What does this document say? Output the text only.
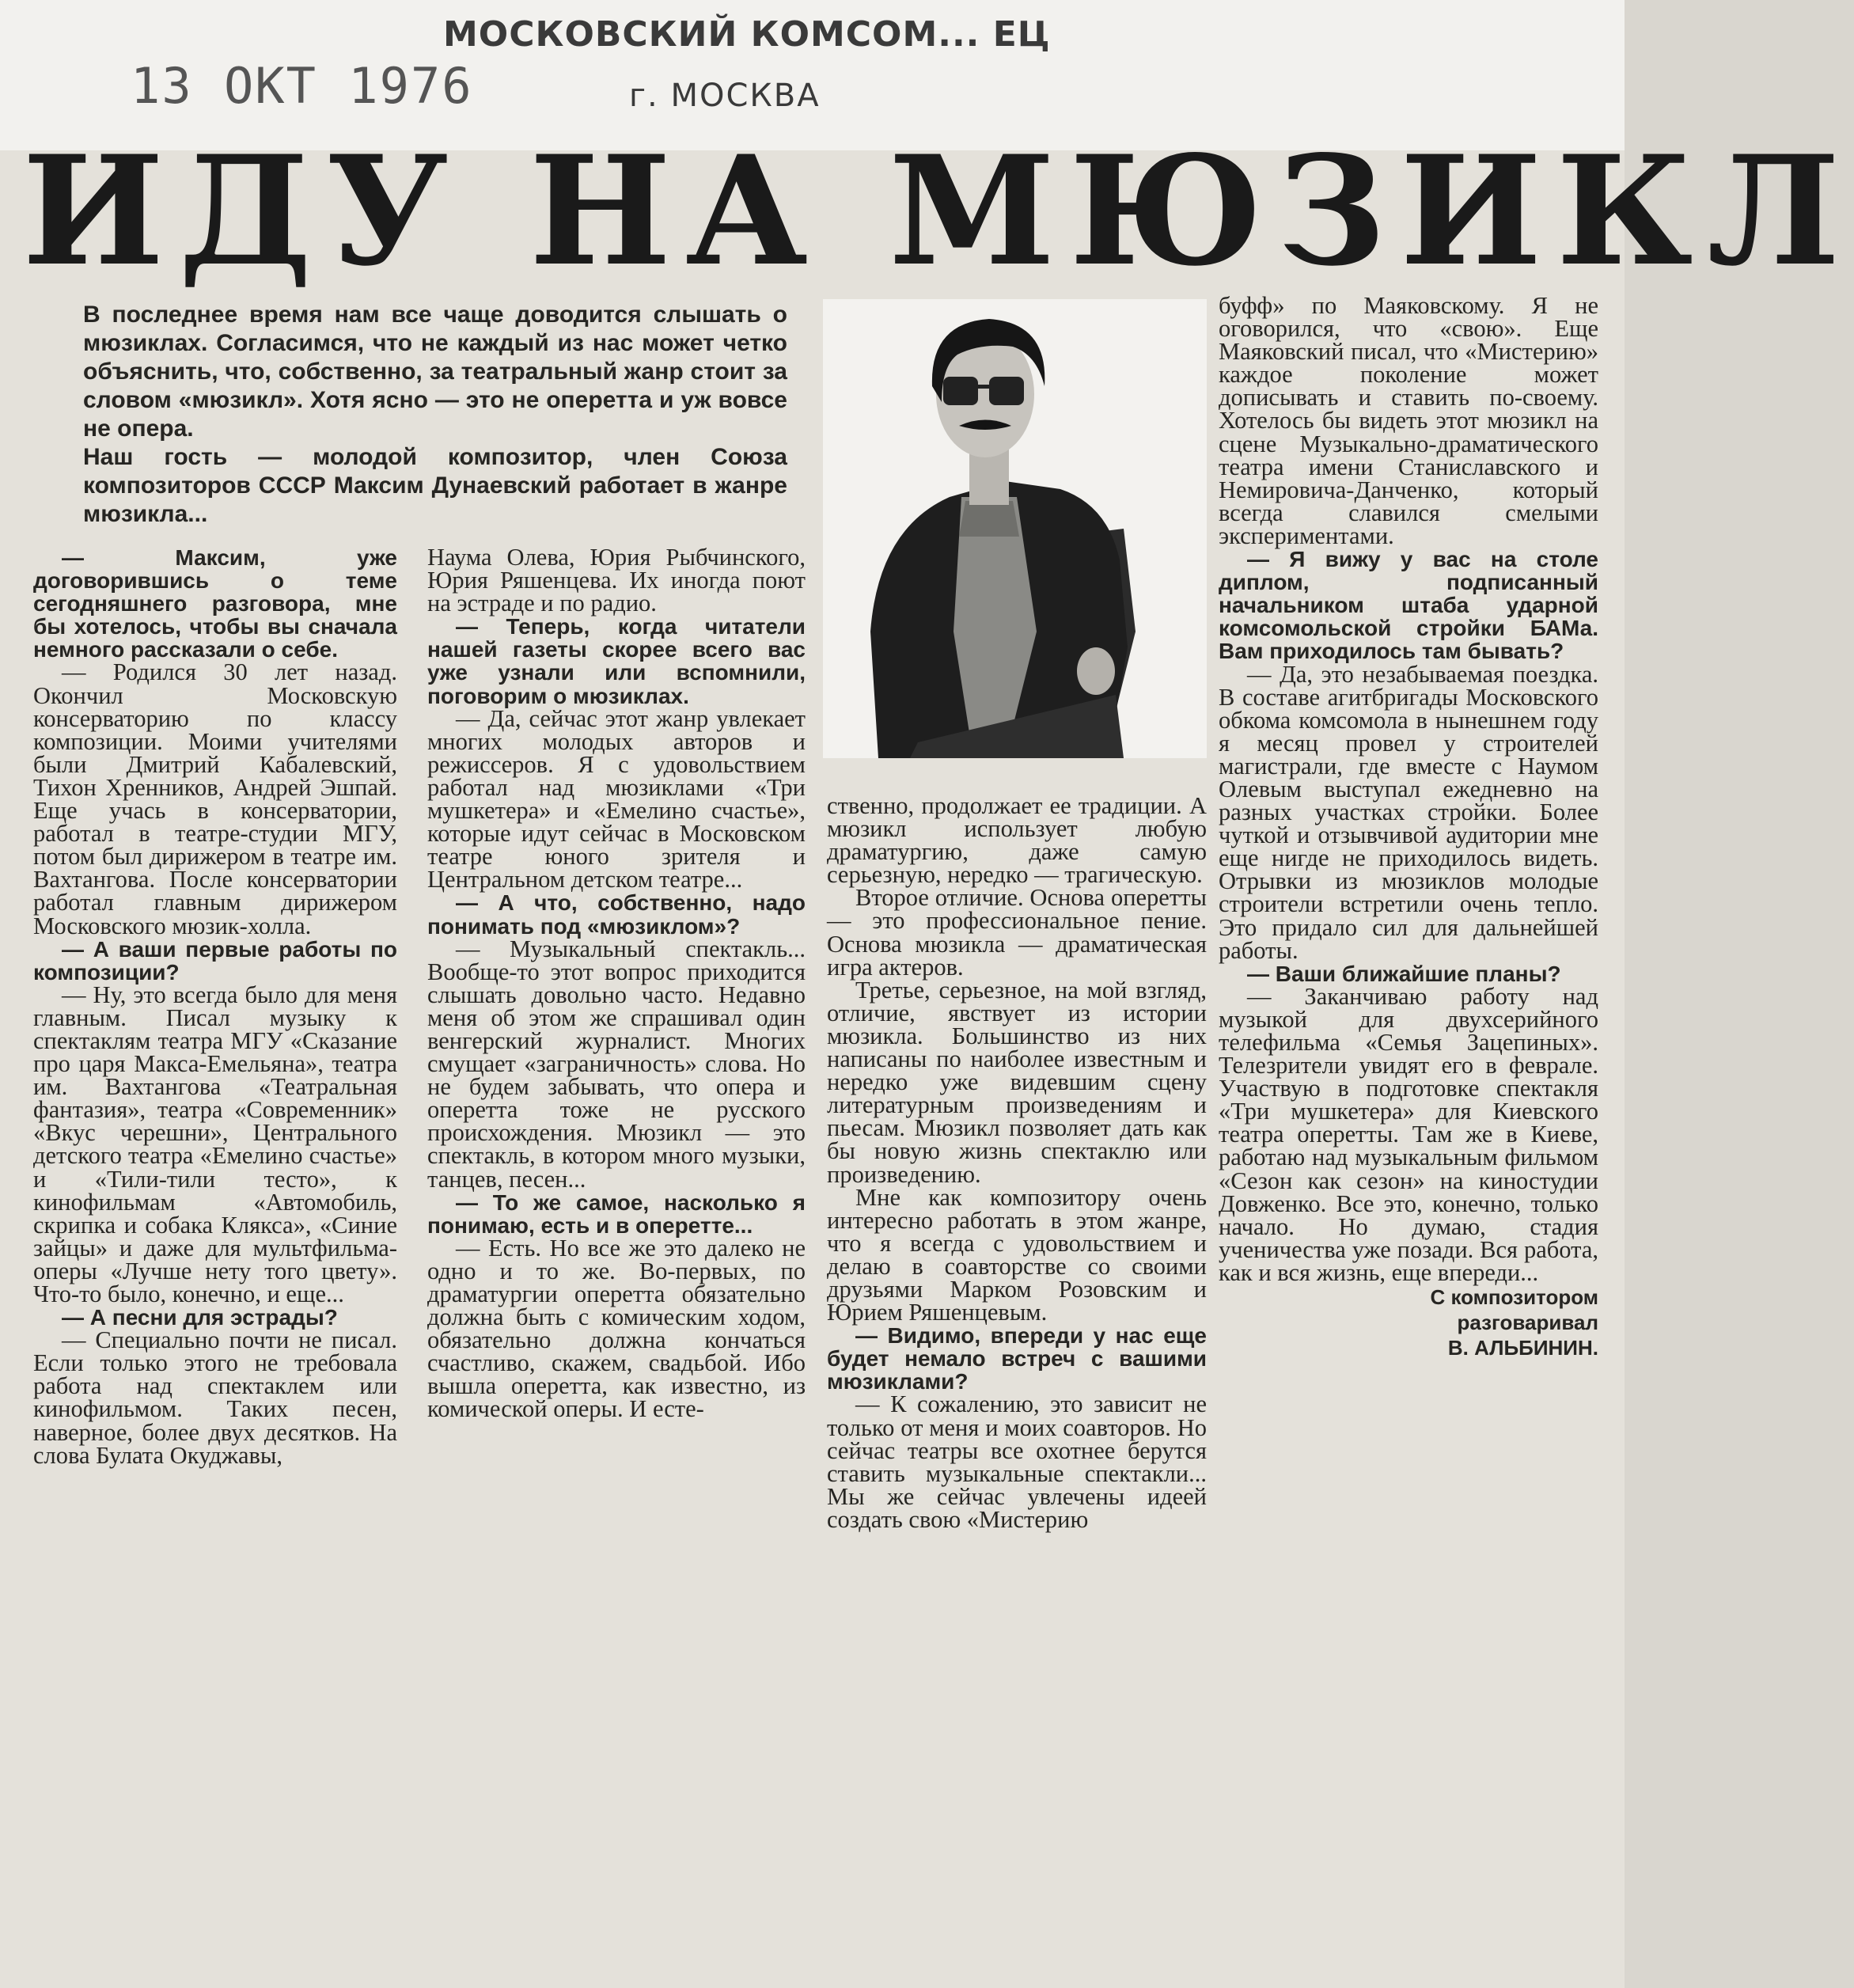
МОСКОВСКИЙ КОМСОМ... ЕЦ
г. МОСКВА
13 ОКТ 1976
ИДУ НА МЮЗИКЛ

В последнее время нам все чаще доводится слышать о мюзиклах. Согласимся, что не каждый из нас может четко объяснить, что, собственно, за театральный жанр стоит за словом «мюзикл». Хотя ясно — это не оперетта и уж вовсе не опера.

Наш гость — молодой композитор, член Союза композиторов СССР Максим Дунаевский работает в жанре мюзикла...

— Максим, уже договорившись о теме сегодняшнего разговора, мне бы хотелось, чтобы вы сначала немного рассказали о себе.

— Родился 30 лет назад. Окончил Московскую консерваторию по классу композиции. Моими учителями были Дмитрий Кабалевский, Тихон Хренников, Андрей Эшпай. Еще учась в консерватории, работал в театре-студии МГУ, потом был дирижером в театре им. Вахтангова. После консерватории работал главным дирижером Московского мюзик-холла.

— А ваши первые работы по композиции?

— Ну, это всегда было для меня главным. Писал музыку к спектаклям театра МГУ «Сказание про царя Макса-Емельяна», театра им. Вахтангова «Театральная фантазия», театра «Современник» «Вкус черешни», Центрального детского театра «Емелино счастье» и «Тили-тили тесто», к кинофильмам «Автомобиль, скрипка и собака Клякса», «Синие зайцы» и даже для мультфильма-оперы «Лучше нету того цвету». Что-то было, конечно, и еще...

— А песни для эстрады?

— Специально почти не писал. Если только этого не требовала работа над спектаклем или кинофильмом. Таких песен, наверное, более двух десятков. На слова Булата Окуджавы,

Наума Олева, Юрия Рыбчинского, Юрия Ряшенцева. Их иногда поют на эстраде и по радио.

— Теперь, когда читатели нашей газеты скорее всего вас уже узнали или вспомнили, поговорим о мюзиклах.

— Да, сейчас этот жанр увлекает многих молодых авторов и режиссеров. Я с удовольствием работал над мюзиклами «Три мушкетера» и «Емелино счастье», которые идут сейчас в Московском театре юного зрителя и Центральном детском театре...

— А что, собственно, надо понимать под «мюзиклом»?

— Музыкальный спектакль... Вообще-то этот вопрос приходится слышать довольно часто. Недавно меня об этом же спрашивал один венгерский журналист. Многих смущает «заграничность» слова. Но не будем забывать, что опера и оперетта тоже не русского происхождения. Мюзикл — это спектакль, в котором много музыки, танцев, песен...

— То же самое, насколько я понимаю, есть и в оперетте...

— Есть. Но все же это далеко не одно и то же. Во-первых, по драматургии оперетта обязательно должна быть с комическим ходом, обязательно должна кончаться счастливо, скажем, свадьбой. Ибо вышла оперетта, как известно, из комической оперы. И есте-

ственно, продолжает ее традиции. А мюзикл использует любую драматургию, даже самую серьезную, нередко — трагическую.

Второе отличие. Основа оперетты — это профессиональное пение. Основа мюзикла — драматическая игра актеров.

Третье, серьезное, на мой взгляд, отличие, явствует из истории мюзикла. Большинство из них написаны по наиболее известным и нередко уже видевшим сцену литературным произведениям и пьесам. Мюзикл позволяет дать как бы новую жизнь спектаклю или произведению.

Мне как композитору очень интересно работать в этом жанре, что я всегда с удовольствием и делаю в соавторстве со своими друзьями Марком Розовским и Юрием Ряшенцевым.

— Видимо, впереди у нас еще будет немало встреч с вашими мюзиклами?

— К сожалению, это зависит не только от меня и моих соавторов. Но сейчас театры все охотнее берутся ставить музыкальные спектакли... Мы же сейчас увлечены идеей создать свою «Мистерию

буфф» по Маяковскому. Я не оговорился, что «свою». Еще Маяковский писал, что «Мистерию» каждое поколение может дописывать и ставить по-своему. Хотелось бы видеть этот мюзикл на сцене Музыкально-драматического театра имени Станиславского и Немировича-Данченко, который всегда славился смелыми экспериментами.

— Я вижу у вас на столе диплом, подписанный начальником штаба ударной комсомольской стройки БАМа. Вам приходилось там бывать?

— Да, это незабываемая поездка. В составе агитбригады Московского обкома комсомола в нынешнем году я месяц провел у строителей магистрали, где вместе с Наумом Олевым выступал ежедневно на разных участках стройки. Более чуткой и отзывчивой аудитории мне еще нигде не приходилось видеть. Отрывки из мюзиклов молодые строители встретили очень тепло. Это придало сил для дальнейшей работы.

— Ваши ближайшие планы?

— Заканчиваю работу над музыкой для двухсерийного телефильма «Семья Зацепиных». Телезрители увидят его в феврале. Участвую в подготовке спектакля «Три мушкетера» для Киевского театра оперетты. Там же в Киеве, работаю над музыкальным фильмом «Сезон как сезон» на киностудии Довженко. Все это, конечно, только начало. Но думаю, стадия ученичества уже позади. Вся работа, как и вся жизнь, еще впереди...

С композитором
разговаривал
В. АЛЬБИНИН.
